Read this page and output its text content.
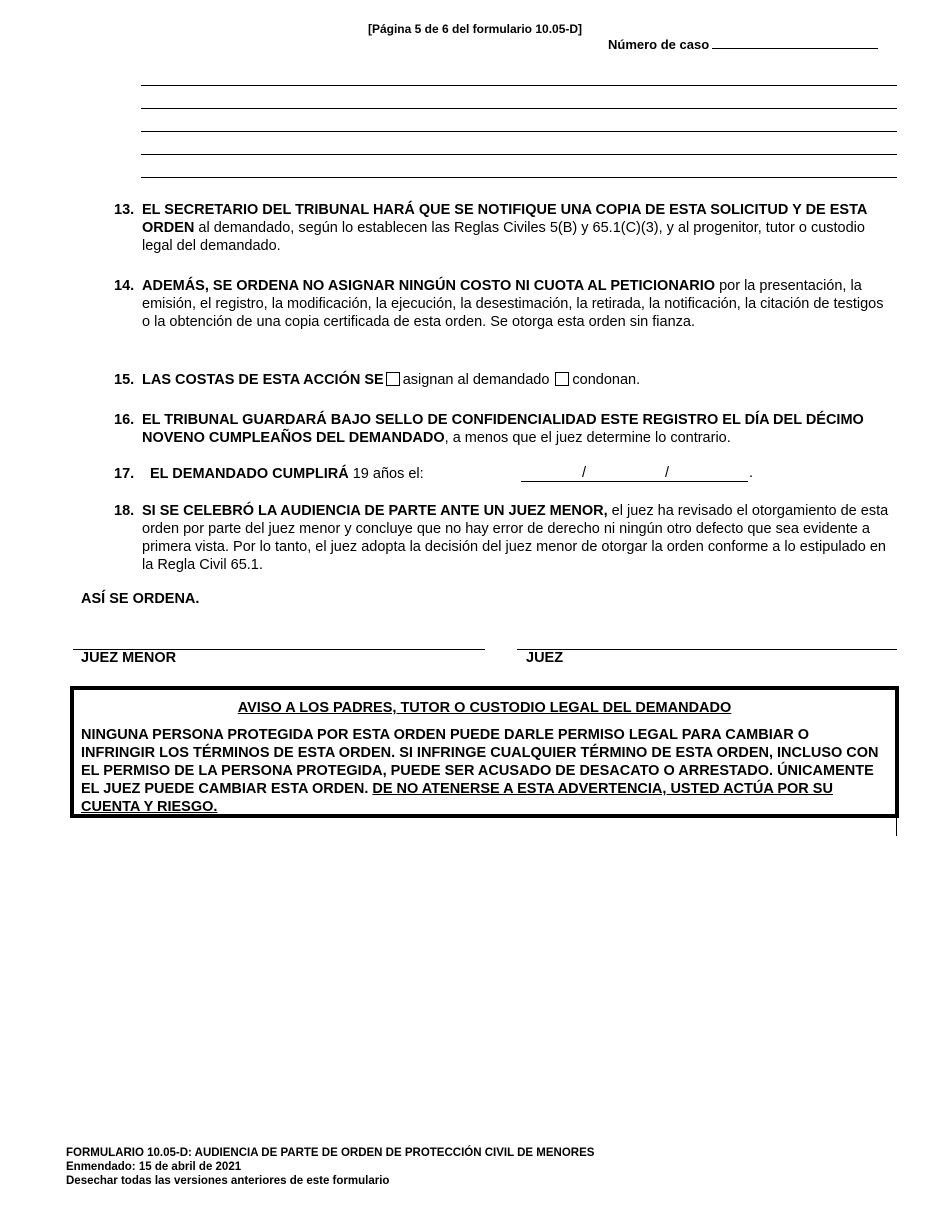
[Página 5 de 6 del formulario 10.05-D]
Número de caso
13. EL SECRETARIO DEL TRIBUNAL HARÁ QUE SE NOTIFIQUE UNA COPIA DE ESTA SOLICITUD Y DE ESTA ORDEN al demandado, según lo establecen las Reglas Civiles 5(B) y 65.1(C)(3), y al progenitor, tutor o custodio legal del demandado.
14. ADEMÁS, SE ORDENA NO ASIGNAR NINGÚN COSTO NI CUOTA AL PETICIONARIO por la presentación, la emisión, el registro, la modificación, la ejecución, la desestimación, la retirada, la notificación, la citación de testigos o la obtención de una copia certificada de esta orden. Se otorga esta orden sin fianza.
15. LAS COSTAS DE ESTA ACCIÓN SE asignan al demandado condonan.
16. EL TRIBUNAL GUARDARÁ BAJO SELLO DE CONFIDENCIALIDAD ESTE REGISTRO EL DÍA DEL DÉCIMO NOVENO CUMPLEAÑOS DEL DEMANDADO, a menos que el juez determine lo contrario.
17. EL DEMANDADO CUMPLIRÁ 19 años el:	/	/	.
18. SI SE CELEBRÓ LA AUDIENCIA DE PARTE ANTE UN JUEZ MENOR, el juez ha revisado el otorgamiento de esta orden por parte del juez menor y concluye que no hay error de derecho ni ningún otro defecto que sea evidente a primera vista. Por lo tanto, el juez adopta la decisión del juez menor de otorgar la orden conforme a lo estipulado en la Regla Civil 65.1.
ASÍ SE ORDENA.
JUEZ MENOR	JUEZ
AVISO A LOS PADRES, TUTOR O CUSTODIO LEGAL DEL DEMANDADO
NINGUNA PERSONA PROTEGIDA POR ESTA ORDEN PUEDE DARLE PERMISO LEGAL PARA CAMBIAR O INFRINGIR LOS TÉRMINOS DE ESTA ORDEN. SI INFRINGE CUALQUIER TÉRMINO DE ESTA ORDEN, INCLUSO CON EL PERMISO DE LA PERSONA PROTEGIDA, PUEDE SER ACUSADO DE DESACATO O ARRESTADO. ÚNICAMENTE EL JUEZ PUEDE CAMBIAR ESTA ORDEN. DE NO ATENERSE A ESTA ADVERTENCIA, USTED ACTÚA POR SU CUENTA Y RIESGO.
FORMULARIO 10.05-D: AUDIENCIA DE PARTE DE ORDEN DE PROTECCIÓN CIVIL DE MENORES
Enmendado: 15 de abril de 2021
Desechar todas las versiones anteriores de este formulario
